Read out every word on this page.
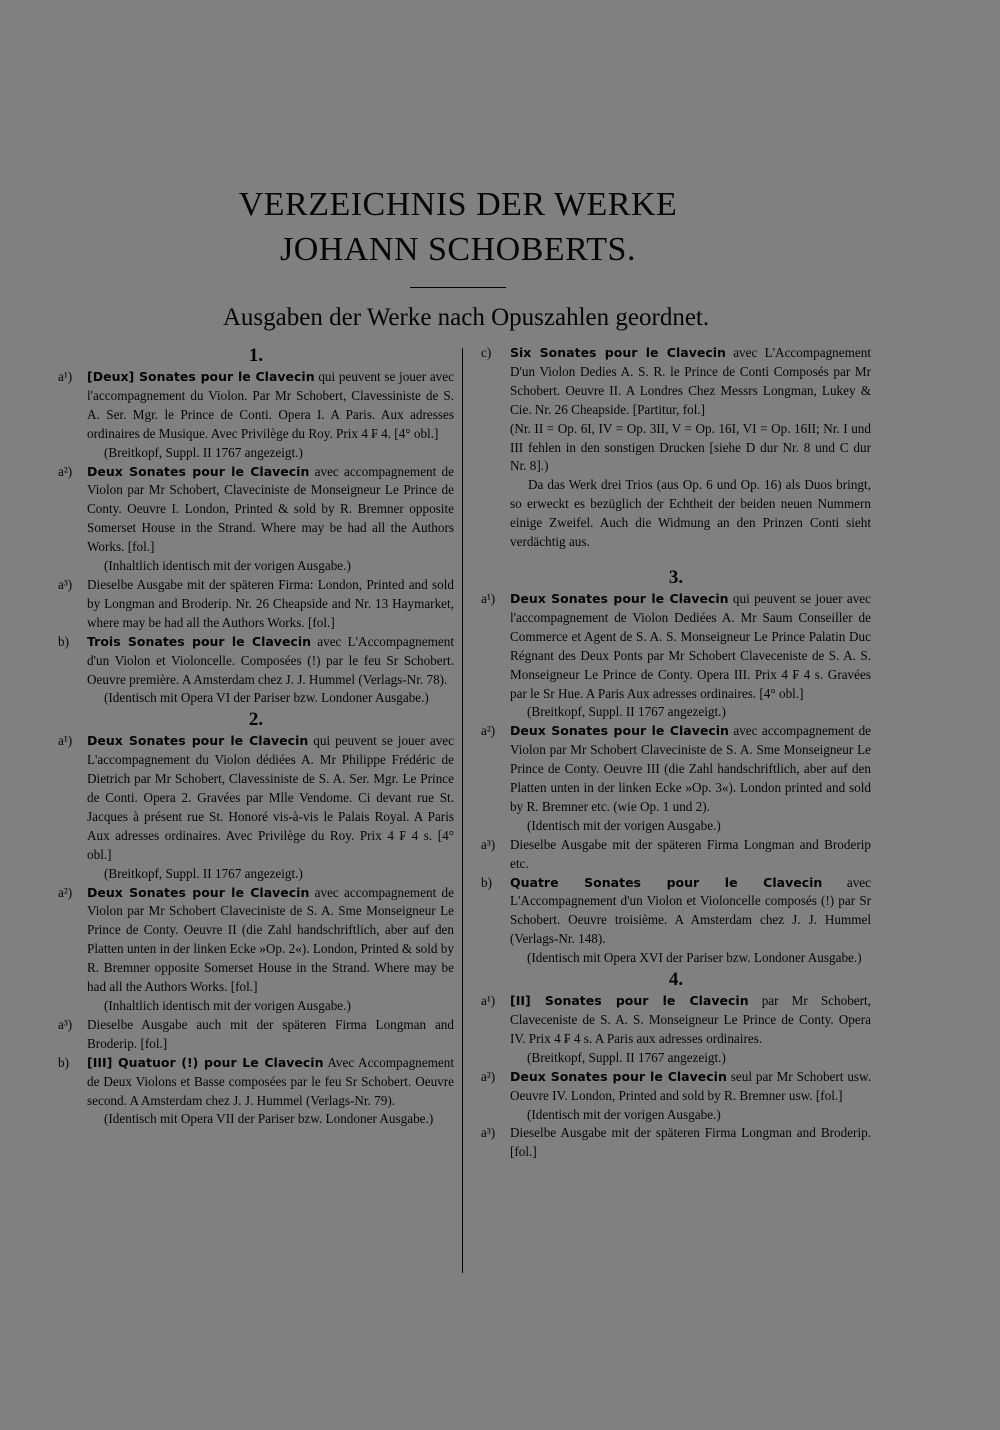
VERZEICHNIS DER WERKE
JOHANN SCHOBERTS.
Ausgaben der Werke nach Opuszahlen geordnet.

1.

a¹)	[Deux] Sonates pour le Clavecin qui peuvent se jouer avec l'accompagnement du Violon. Par Mr Schobert, Clavessiniste de S. A. Ser. Mgr. le Prince de Conti. Opera I. A Paris. Aux adresses ordinaires de Musique. Avec Privilège du Roy. Prix 4 ₣ 4. [4° obl.]

(Breitkopf, Suppl. II 1767 angezeigt.)

a²)	Deux Sonates pour le Clavecin avec accompagnement de Violon par Mr Schobert, Claveciniste de Monseigneur Le Prince de Conty. Oeuvre I. London, Printed & sold by R. Bremner opposite Somerset House in the Strand. Where may be had all the Authors Works. [fol.]

(Inhaltlich identisch mit der vorigen Ausgabe.)

a³)	Dieselbe Ausgabe mit der späteren Firma: London, Printed and sold by Longman and Broderip. Nr. 26 Cheapside and Nr. 13 Haymarket, where may be had all the Authors Works. [fol.]

b)	Trois Sonates pour le Clavecin avec L'Accompagnement d'un Violon et Violoncelle. Composées (!) par le feu Sr Schobert. Oeuvre première. A Amsterdam chez J. J. Hummel (Verlags-Nr. 78).

(Identisch mit Opera VI der Pariser bzw. Londoner Ausgabe.)

2.

a¹)	Deux Sonates pour le Clavecin qui peuvent se jouer avec L'accompagnement du Violon dédiées A. Mr Philippe Frédéric de Dietrich par Mr Schobert, Clavessiniste de S. A. Ser. Mgr. Le Prince de Conti. Opera 2. Gravées par Mlle Vendome. Ci devant rue St. Jacques à présent rue St. Honoré vis-à-vis le Palais Royal. A Paris Aux adresses ordinaires. Avec Privilège du Roy. Prix 4 ₣ 4 s. [4° obl.]

(Breitkopf, Suppl. II 1767 angezeigt.)

a²)	Deux Sonates pour le Clavecin avec accompagnement de Violon par Mr Schobert Claveciniste de S. A. Sme Monseigneur Le Prince de Conty. Oeuvre II (die Zahl handschriftlich, aber auf den Platten unten in der linken Ecke »Op. 2«). London, Printed & sold by R. Bremner opposite Somerset House in the Strand. Where may be had all the Authors Works. [fol.]

(Inhaltlich identisch mit der vorigen Ausgabe.)

a³)	Dieselbe Ausgabe auch mit der späteren Firma Longman and Broderip. [fol.]

b)	[III] Quatuor (!) pour Le Clavecin Avec Accompagnement de Deux Violons et Basse composées par le feu Sr Schobert. Oeuvre second. A Amsterdam chez J. J. Hummel (Verlags-Nr. 79).

(Identisch mit Opera VII der Pariser bzw. Londoner Ausgabe.)

c)	Six Sonates pour le Clavecin avec L'Accompagnement D'un Violon Dedies A. S. R. le Prince de Conti Composés par Mr Schobert. Oeuvre II. A Londres Chez Messrs Longman, Lukey & Cie. Nr. 26 Cheapside. [Partitur, fol.]

(Nr. II = Op. 6I, IV = Op. 3II, V = Op. 16I, VI = Op. 16II; Nr. I und III fehlen in den sonstigen Drucken [siehe D dur Nr. 8 und C dur Nr. 8].)

Da das Werk drei Trios (aus Op. 6 und Op. 16) als Duos bringt, so erweckt es bezüglich der Echtheit der beiden neuen Nummern einige Zweifel. Auch die Widmung an den Prinzen Conti sieht verdächtig aus.

3.

a¹)	Deux Sonates pour le Clavecin qui peuvent se jouer avec l'accompagnement de Violon Dediées A. Mr Saum Conseiller de Commerce et Agent de S. A. S. Monseigneur Le Prince Palatin Duc Régnant des Deux Ponts par Mr Schobert Claveceniste de S. A. S. Monseigneur Le Prince de Conty. Opera III. Prix 4 ₣ 4 s. Gravées par le Sr Hue. A Paris Aux adresses ordinaires. [4° obl.]

(Breitkopf, Suppl. II 1767 angezeigt.)

a²)	Deux Sonates pour le Clavecin avec accompagnement de Violon par Mr Schobert Claveciniste de S. A. Sme Monseigneur Le Prince de Conty. Oeuvre III (die Zahl handschriftlich, aber auf den Platten unten in der linken Ecke »Op. 3«). London printed and sold by R. Bremner etc. (wie Op. 1 und 2).

(Identisch mit der vorigen Ausgabe.)

a³)	Dieselbe Ausgabe mit der späteren Firma Longman and Broderip etc.

b)	Quatre Sonates pour le Clavecin avec L'Accompagnement d'un Violon et Violoncelle composés (!) par Sr Schobert. Oeuvre troisième. A Amsterdam chez J. J. Hummel (Verlags-Nr. 148).

(Identisch mit Opera XVI der Pariser bzw. Londoner Ausgabe.)

4.

a¹)	[II] Sonates pour le Clavecin par Mr Schobert, Claveceniste de S. A. S. Monseigneur Le Prince de Conty. Opera IV. Prix 4 ₣ 4 s. A Paris aux adresses ordinaires.

(Breitkopf, Suppl. II 1767 angezeigt.)

a²)	Deux Sonates pour le Clavecin seul par Mr Schobert usw. Oeuvre IV. London, Printed and sold by R. Bremner usw. [fol.]

(Identisch mit der vorigen Ausgabe.)

a³)	Dieselbe Ausgabe mit der späteren Firma Longman and Broderip. [fol.]
